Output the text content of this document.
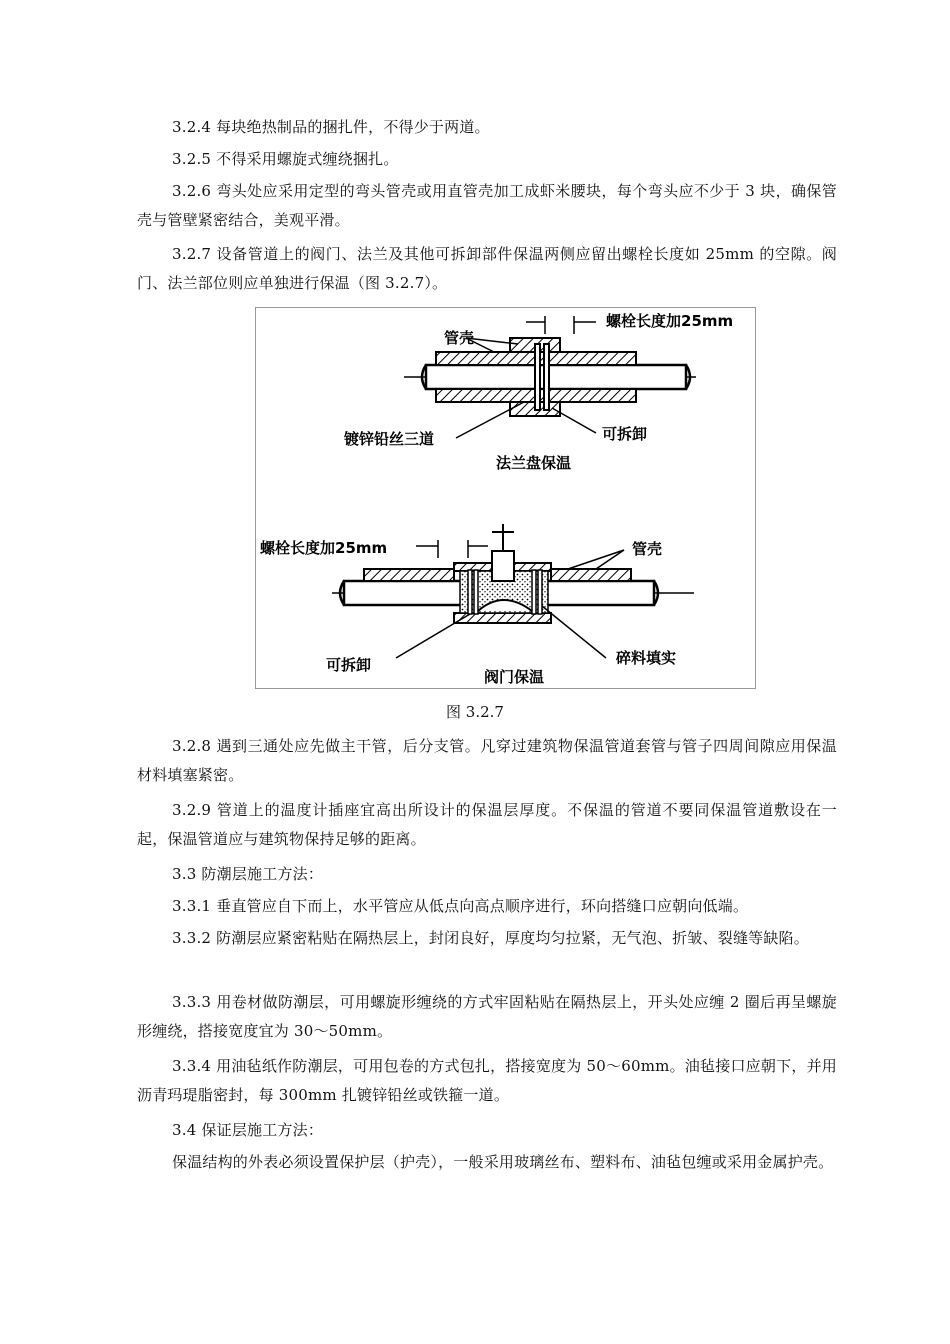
3.2.4 每块绝热制品的捆扎件，不得少于两道。

3.2.5 不得采用螺旋式缠绕捆扎。

3.2.6 弯头处应采用定型的弯头管壳或用直管壳加工成虾米腰块，每个弯头应不少于 3 块，确保管壳与管壁紧密结合，美观平滑。

3.2.7 设备管道上的阀门、法兰及其他可拆卸部件保温两侧应留出螺栓长度如 25mm 的空隙。阀门、法兰部位则应单独进行保温（图 3.2.7）。

螺栓长度加25mm
管壳
镀锌铅丝三道	可拆卸
法兰盘保温
螺栓长度加25mm	管壳
可拆卸	碎料填实
阀门保温
图 3.2.7

3.2.8 遇到三通处应先做主干管，后分支管。凡穿过建筑物保温管道套管与管子四周间隙应用保温材料填塞紧密。

3.2.9 管道上的温度计插座宜高出所设计的保温层厚度。不保温的管道不要同保温管道敷设在一起，保温管道应与建筑物保持足够的距离。

3.3 防潮层施工方法：

3.3.1 垂直管应自下而上，水平管应从低点向高点顺序进行，环向搭缝口应朝向低端。

3.3.2 防潮层应紧密粘贴在隔热层上，封闭良好，厚度均匀拉紧，无气泡、折皱、裂缝等缺陷。

3.3.3 用卷材做防潮层，可用螺旋形缠绕的方式牢固粘贴在隔热层上，开头处应缠 2 圈后再呈螺旋形缠绕，搭接宽度宜为 30～50mm。

3.3.4 用油毡纸作防潮层，可用包卷的方式包扎，搭接宽度为 50～60mm。油毡接口应朝下，并用沥青玛瑅脂密封，每 300mm 扎镀锌铅丝或铁箍一道。

3.4 保证层施工方法：

保温结构的外表必须设置保护层（护壳），一般采用玻璃丝布、塑料布、油毡包缠或采用金属护壳。
